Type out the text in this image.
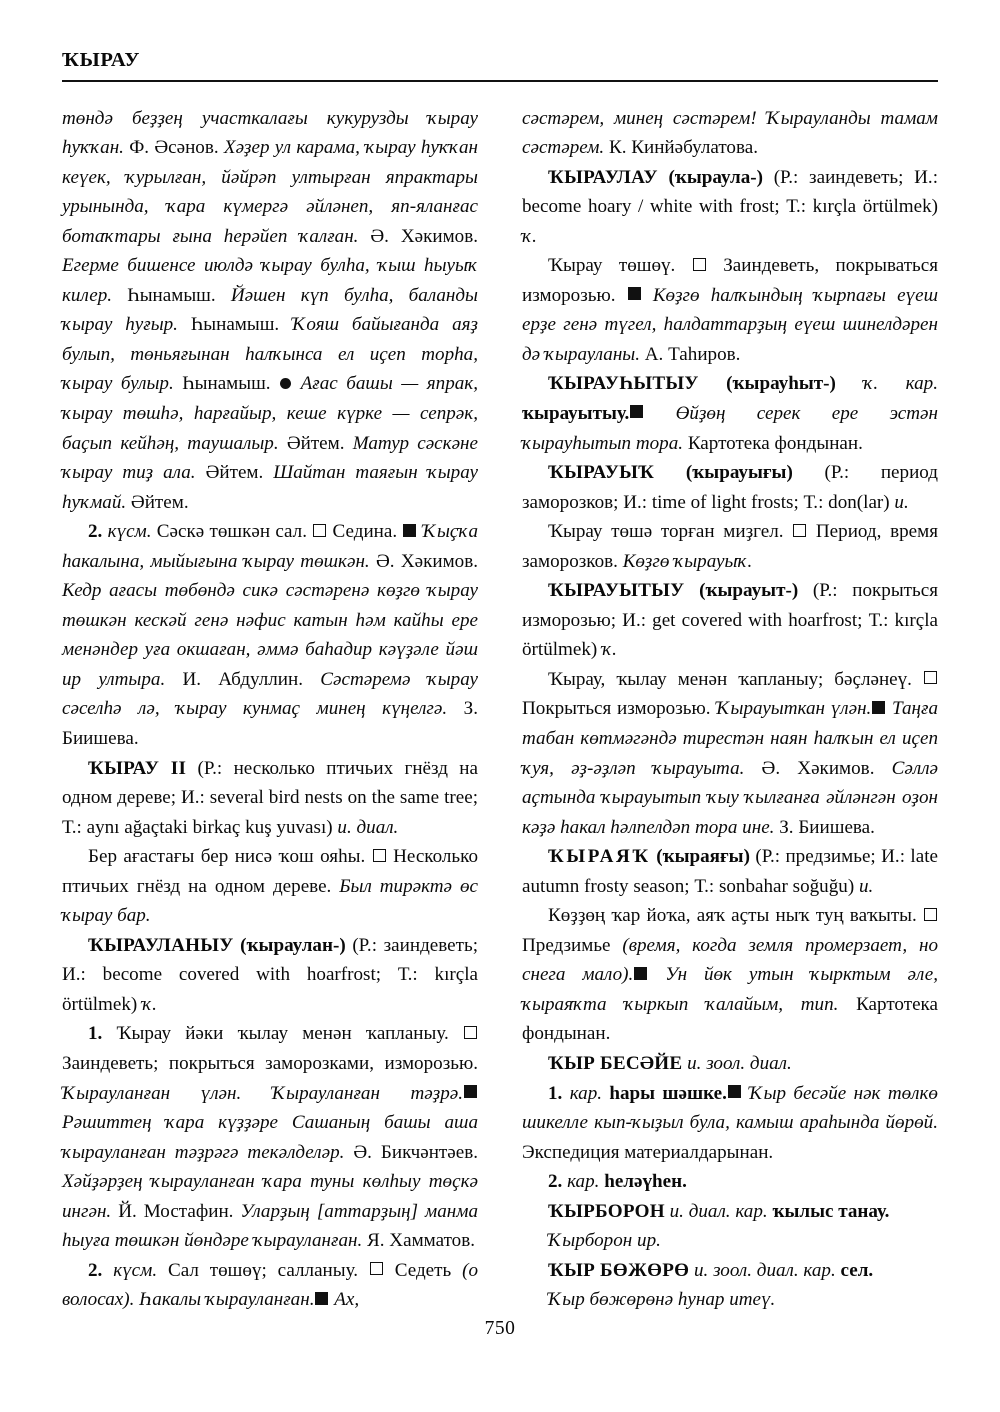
ҠЫРАУ

төндә беҙҙең участкалағы кукурузды ҡырау һуҡҡан. Ф. Әсәнов. Хәҙер ул карама, ҡырау һуҡҡан кеүек, ҡурылған, йәйрәп ултырған япрактары урынында, ҡара күмергә әйләнеп, яп-яланғас ботаҡтары ғына һерәйеп ҡалған. Ә. Хәкимов. Егерме бишенсе июлдә ҡырау булһа, ҡыш һыуыҡ килер. Һынамыш. Йәшен күп булһа, баланды ҡырау һуғыр. Һынамыш. Ҡояш байығанда аяҙ булып, төньяғынан һалҡынса ел иҫеп торһа, ҡырау булыр. Һынамыш.  Ағас башы — япрак, ҡырау төшһә, һарғайыр, кеше күрке — сепрәк, баҫып кейһәң, таушалыр. Әйтем. Матур сәскәне ҡырау тиҙ ала. Әйтем. Шайтан таяғын ҡырау һуҡмай. Әйтем.

2. күсм. Сәскә төшкән сал.  Седина.  Ҡыҫҡа һакалына, мыйығына ҡырау төшкән. Ә. Хәкимов. Кедр ағасы төбөндә сикә сәстәренә көҙгө ҡырау төшкән кескәй генә нәфис катын һәм кайһы ере менәндер уға окшаған, әммә баһадир кәүҙәле йәш ир ултыра. И. Абдуллин. Сәстәремә ҡырау сәселһә лә, ҡырау кунмаҫ минең күңелгә. З. Биишева.

ҠЫРАУ II (Р.: несколько птичьих гнёзд на одном дереве; И.: several bird nests on the same tree; Т.: aynı ağaçtaki birkaç kuş yuvası) и. диал.

Бер ағастағы бер нисә ҡош ояһы.  Несколько птичьих гнёзд на одном дереве. Был тирәктә өс ҡырау бар.

ҠЫРАУЛАНЫУ (ҡыраулан-) (Р.: заиндеветь; И.: become covered with hoarfrost; Т.: kırçla örtülmek) ҡ.

1. Ҡырау йәки ҡылау менән ҡапланыу.  Заиндеветь; покрыться заморозками, изморозью. Ҡырауланған үлән. Ҡырауланған тәҙрә. Рәшиттең ҡара күҙҙәре Сашаның башы аша ҡырауланған тәҙрәгә текәлделәр. Ә. Бикчәнтәев. Хәйҙәрҙең ҡырауланған ҡара туны көлһыу төҫкә ингән. Й. Мостафин. Уларҙың [аттарҙың] манма һыуға төшкән йөндәре ҡырауланған. Я. Хамматов.

2. күсм. Сал төшөү; салланыу.  Седеть (о волосах). Һакалы ҡырауланған. Ах,

сәстәрем, минең сәстәрем! Ҡырауланды тамам сәстәрем. К. Кинйәбулатова.

ҠЫРАУЛАУ (ҡыраула-) (Р.: заиндеветь; И.: become hoary / white with frost; Т.: kırçla örtülmek) ҡ.

Ҡырау төшөү.  Заиндеветь, покрываться изморозью.  Көҙгө һалҡындың ҡырпағы еүеш ерҙе генә түгел, һалдаттарҙың еүеш шинелдәрен дә ҡырауланы. А. Таһиров.

ҠЫРАУҺЫТЫУ (ҡырауһыт-) ҡ. кар. ҡырауытыу. Өйҙөң серек ере эстән ҡырауһытып тора. Картотека фондынан.

ҠЫРАУЫҠ (ҡырауығы) (Р.: период заморозков; И.: time of light frosts; Т.: don(lar) и.

Ҡырау төшә торған миҙгел.  Период, время заморозков. Көҙгө ҡырауыҡ.

ҠЫРАУЫТЫУ (ҡырауыт-) (Р.: покрыться изморозью; И.: get covered with hoarfrost; Т.: kırçla örtülmek) ҡ.

Ҡырау, ҡылау менән ҡапланыу; бәҫләнеү.  Покрыться изморозью. Ҡырауыткан үлән. Таңға табан көтмәгәндә тирестән наян һалҡын ел иҫеп ҡуя, әҙ-әҙләп ҡырауыта. Ә. Хәкимов. Сәллә аҫтында ҡырауытып ҡыу ҡылғанға әйләнгән оҙон кәҙә һакал һәлпелдәп тора ине. З. Биишева.

ҠЫРАЯҠ (ҡыраяғы) (Р.: предзимье; И.: late autumn frosty season; Т.: sonbahar soğuğu) и.

Көҙҙөң ҡар йоҡа, аяҡ аҫты ныҡ туң ваҡыты.  Предзимье (время, когда земля промерзает, но снега мало). Ун йөк утын ҡырктым әле, ҡыраяҡта ҡыркып ҡалайым, тип. Картотека фондынан.

ҠЫР БЕСӘЙЕ и. зоол. диал.

1. кар. һары шәшке. Ҡыр бесәйе нәк төлкө шикелле кып-ҡыҙыл була, камыш араһында йөрөй. Экспедиция материалдарынан.

2. кар. һеләүһен.

ҠЫРБОРОН и. диал. кар. ҡылыс танау.

Ҡырборон ир.

ҠЫР БӨЖӨРӨ и. зоол. диал. кар. сел.

Ҡыр бөжөрөнә һунар итеү.

750
